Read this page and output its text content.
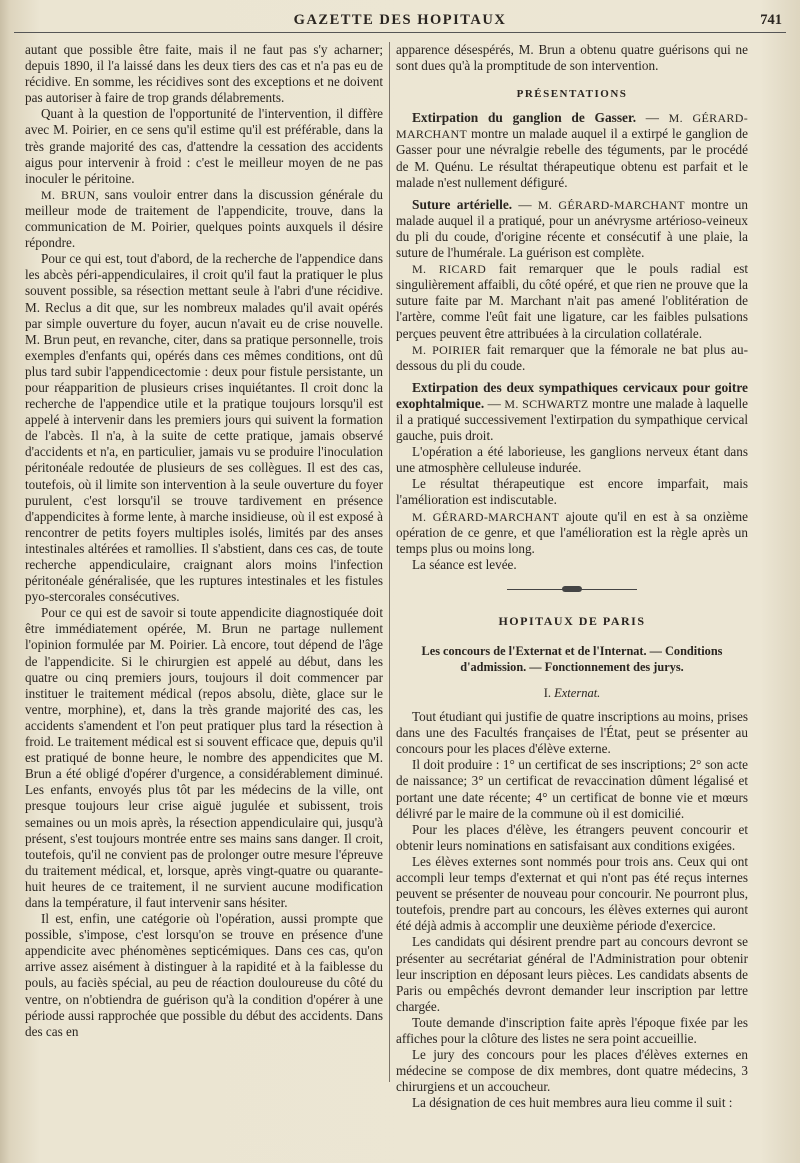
GAZETTE DES HOPITAUX	741

autant que possible être faite, mais il ne faut pas s'y acharner; depuis 1890, il l'a laissé dans les deux tiers des cas et n'a pas eu de récidive. En somme, les récidives sont des exceptions et ne doivent pas autoriser à faire de trop grands délabrements.

Quant à la question de l'opportunité de l'intervention, il diffère avec M. Poirier, en ce sens qu'il estime qu'il est préférable, dans la très grande majorité des cas, d'attendre la cessation des accidents aigus pour intervenir à froid : c'est le meilleur moyen de ne pas inoculer le péritoine.

M. BRUN, sans vouloir entrer dans la discussion générale du meilleur mode de traitement de l'appendicite, trouve, dans la communication de M. Poirier, quelques points auxquels il désire répondre.

Pour ce qui est, tout d'abord, de la recherche de l'appendice dans les abcès péri-appendiculaires, il croit qu'il faut la pratiquer le plus souvent possible, sa résection mettant seule à l'abri d'une récidive. M. Reclus a dit que, sur les nombreux malades qu'il avait opérés par simple ouverture du foyer, aucun n'avait eu de crise nouvelle. M. Brun peut, en revanche, citer, dans sa pratique personnelle, trois exemples d'enfants qui, opérés dans ces mêmes conditions, ont dû plus tard subir l'appendicectomie : deux pour fistule persistante, un pour réapparition de plusieurs crises inquiétantes. Il croit donc la recherche de l'appendice utile et la pratique toujours lorsqu'il est appelé à intervenir dans les premiers jours qui suivent la formation de l'abcès. Il n'a, à la suite de cette pratique, jamais observé d'accidents et n'a, en particulier, jamais vu se produire l'inoculation péritonéale redoutée de plusieurs de ses collègues. Il est des cas, toutefois, où il limite son intervention à la seule ouverture du foyer purulent, c'est lorsqu'il se trouve tardivement en présence d'appendicites à forme lente, à marche insidieuse, où il est exposé à rencontrer de petits foyers multiples isolés, limités par des anses intestinales altérées et ramollies. Il s'abstient, dans ces cas, de toute recherche appendiculaire, craignant alors moins l'infection péritonéale généralisée, que les ruptures intestinales et les fistules pyo-stercorales consécutives.

Pour ce qui est de savoir si toute appendicite diagnostiquée doit être immédiatement opérée, M. Brun ne partage nullement l'opinion formulée par M. Poirier. Là encore, tout dépend de l'âge de l'appendicite. Si le chirurgien est appelé au début, dans les quatre ou cinq premiers jours, toujours il doit commencer par instituer le traitement médical (repos absolu, diète, glace sur le ventre, morphine), et, dans la très grande majorité des cas, les accidents s'amendent et l'on peut pratiquer plus tard la résection à froid. Le traitement médical est si souvent efficace que, depuis qu'il est pratiqué de bonne heure, le nombre des appendicites que M. Brun a été obligé d'opérer d'urgence, a considérablement diminué. Les enfants, envoyés plus tôt par les médecins de la ville, ont presque toujours leur crise aiguë jugulée et subissent, trois semaines ou un mois après, la résection appendiculaire qui, jusqu'à présent, s'est toujours montrée entre ses mains sans danger. Il croit, toutefois, qu'il ne convient pas de prolonger outre mesure l'épreuve du traitement médical, et, lorsque, après vingt-quatre ou quarante-huit heures de ce traitement, il ne survient aucune modification dans la température, il faut intervenir sans hésiter.

Il est, enfin, une catégorie où l'opération, aussi prompte que possible, s'impose, c'est lorsqu'on se trouve en présence d'une appendicite avec phénomènes septicémiques. Dans ces cas, qu'on arrive assez aisément à distinguer à la rapidité et à la faiblesse du pouls, au faciès spécial, au peu de réaction douloureuse du côté du ventre, on n'obtiendra de guérison qu'à la condition d'opérer à une période aussi rapprochée que possible du début des accidents. Dans des cas en

apparence désespérés, M. Brun a obtenu quatre guérisons qui ne sont dues qu'à la promptitude de son intervention.

PRÉSENTATIONS

Extirpation du ganglion de Gasser. — M. GÉRARD-MARCHANT montre un malade auquel il a extirpé le ganglion de Gasser pour une névralgie rebelle des téguments, par le procédé de M. Quénu. Le résultat thérapeutique obtenu est parfait et le malade n'est nullement défiguré.

Suture artérielle. — M. GÉRARD-MARCHANT montre un malade auquel il a pratiqué, pour un anévrysme artérioso-veineux du pli du coude, d'origine récente et consécutif à une plaie, la suture de l'humérale. La guérison est complète.

M. RICARD fait remarquer que le pouls radial est singulièrement affaibli, du côté opéré, et que rien ne prouve que la suture faite par M. Marchant n'ait pas amené l'oblitération de l'artère, comme l'eût fait une ligature, car les faibles pulsations perçues peuvent être attribuées à la circulation collatérale.

M. POIRIER fait remarquer que la fémorale ne bat plus au-dessous du pli du coude.

Extirpation des deux sympathiques cervicaux pour goitre exophtalmique. — M. SCHWARTZ montre une malade à laquelle il a pratiqué successivement l'extirpation du sympathique cervical gauche, puis droit.

L'opération a été laborieuse, les ganglions nerveux étant dans une atmosphère celluleuse indurée.

Le résultat thérapeutique est encore imparfait, mais l'amélioration est indiscutable.

M. GÉRARD-MARCHANT ajoute qu'il en est à sa onzième opération de ce genre, et que l'amélioration est la règle après un temps plus ou moins long.

La séance est levée.

HOPITAUX DE PARIS
Les concours de l'Externat et de l'Internat. — Conditions d'admission. — Fonctionnement des jurys.
I. Externat.

Tout étudiant qui justifie de quatre inscriptions au moins, prises dans une des Facultés françaises de l'État, peut se présenter au concours pour les places d'élève externe.

Il doit produire : 1° un certificat de ses inscriptions; 2° son acte de naissance; 3° un certificat de revaccination dûment légalisé et portant une date récente; 4° un certificat de bonne vie et mœurs délivré par le maire de la commune où il est domicilié.

Pour les places d'élève, les étrangers peuvent concourir et obtenir leurs nominations en satisfaisant aux conditions exigées.

Les élèves externes sont nommés pour trois ans. Ceux qui ont accompli leur temps d'externat et qui n'ont pas été reçus internes peuvent se présenter de nouveau pour concourir. Ne pourront plus, toutefois, prendre part au concours, les élèves externes qui auront été déjà admis à accomplir une deuxième période d'exercice.

Les candidats qui désirent prendre part au concours devront se présenter au secrétariat général de l'Administration pour obtenir leur inscription en déposant leurs pièces. Les candidats absents de Paris ou empêchés devront demander leur inscription par lettre chargée.

Toute demande d'inscription faite après l'époque fixée par les affiches pour la clôture des listes ne sera point accueillie.

Le jury des concours pour les places d'élèves externes en médecine se compose de dix membres, dont quatre médecins, 3 chirurgiens et un accoucheur.

La désignation de ces huit membres aura lieu comme il suit :
